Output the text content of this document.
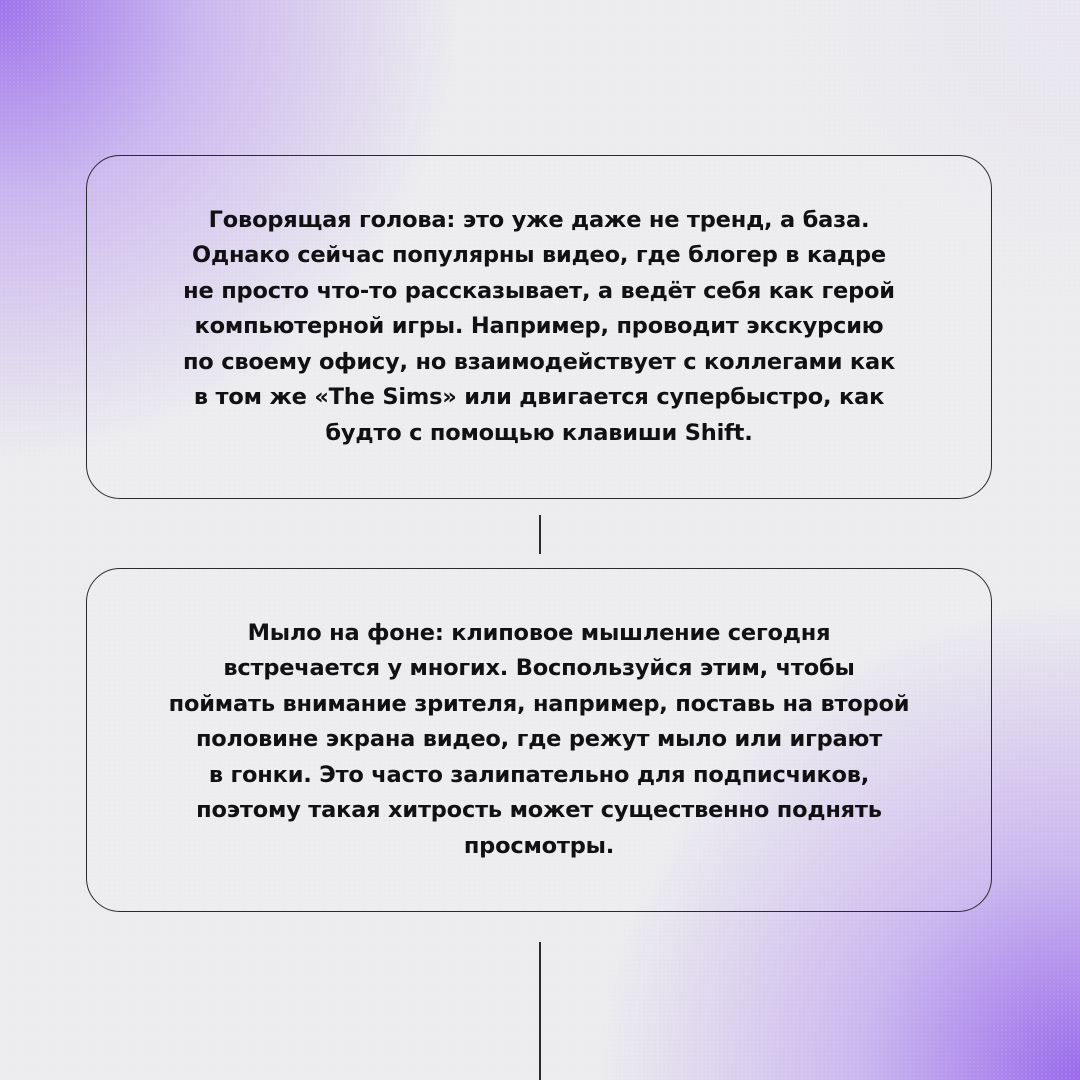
Говорящая голова: это уже даже не тренд, а база.
Однако сейчас популярны видео, где блогер в кадре
не просто что-то рассказывает, а ведёт себя как герой
компьютерной игры. Например, проводит экскурсию
по своему офису, но взаимодействует с коллегами как
в том же «The Sims» или двигается супербыстро, как
будто с помощью клавиши Shift.

Мыло на фоне: клиповое мышление сегодня
встречается у многих. Воспользуйся этим, чтобы
поймать внимание зрителя, например, поставь на второй
половине экрана видео, где режут мыло или играют
в гонки. Это часто залипательно для подписчиков,
поэтому такая хитрость может существенно поднять
просмотры.
